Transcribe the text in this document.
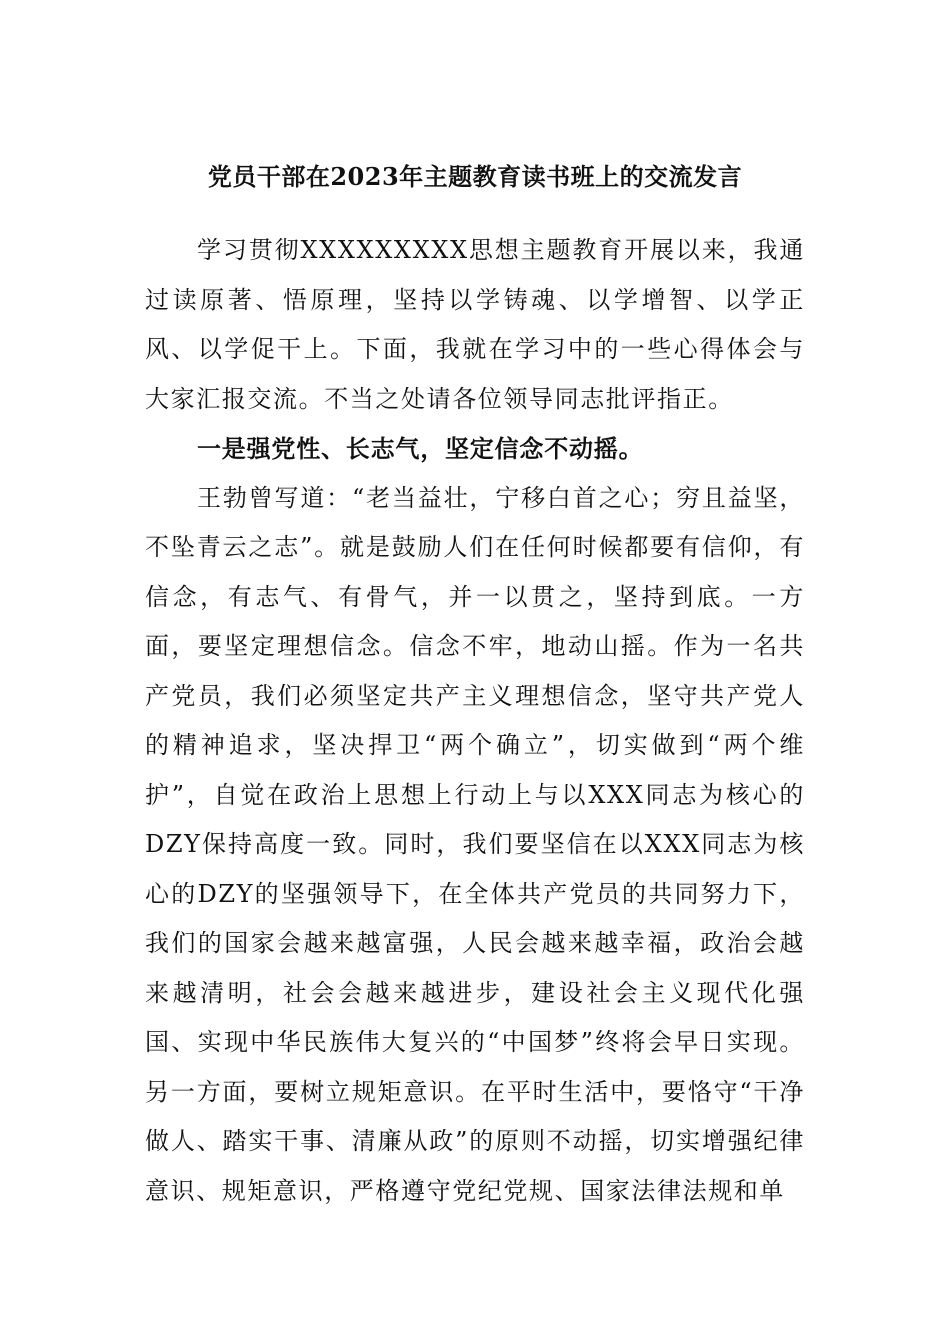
党员干部在2023年主题教育读书班上的交流发言

学习贯彻XXXXXXXXX思想主题教育开展以来，我通过读原著、悟原理，坚持以学铸魂、以学增智、以学正风、以学促干上。下面，我就在学习中的一些心得体会与大家汇报交流。不当之处请各位领导同志批评指正。

一是强党性、长志气，坚定信念不动摇。

王勃曾写道：“老当益壮，宁移白首之心；穷且益坚，不坠青云之志”。就是鼓励人们在任何时候都要有信仰，有信念，有志气、有骨气，并一以贯之，坚持到底。一方面，要坚定理想信念。信念不牢，地动山摇。作为一名共产党员，我们必须坚定共产主义理想信念，坚守共产党人的精神追求，坚决捍卫“两个确立”，切实做到“两个维护”，自觉在政治上思想上行动上与以XXX同志为核心的DZY保持高度一致。同时，我们要坚信在以XXX同志为核心的DZY的坚强领导下，在全体共产党员的共同努力下，我们的国家会越来越富强，人民会越来越幸福，政治会越来越清明，社会会越来越进步，建设社会主义现代化强国、实现中华民族伟大复兴的“中国梦”终将会早日实现。另一方面，要树立规矩意识。在平时生活中，要恪守“干净做人、踏实干事、清廉从政”的原则不动摇，切实增强纪律意识、规矩意识，严格遵守党纪党规、国家法律法规和单
